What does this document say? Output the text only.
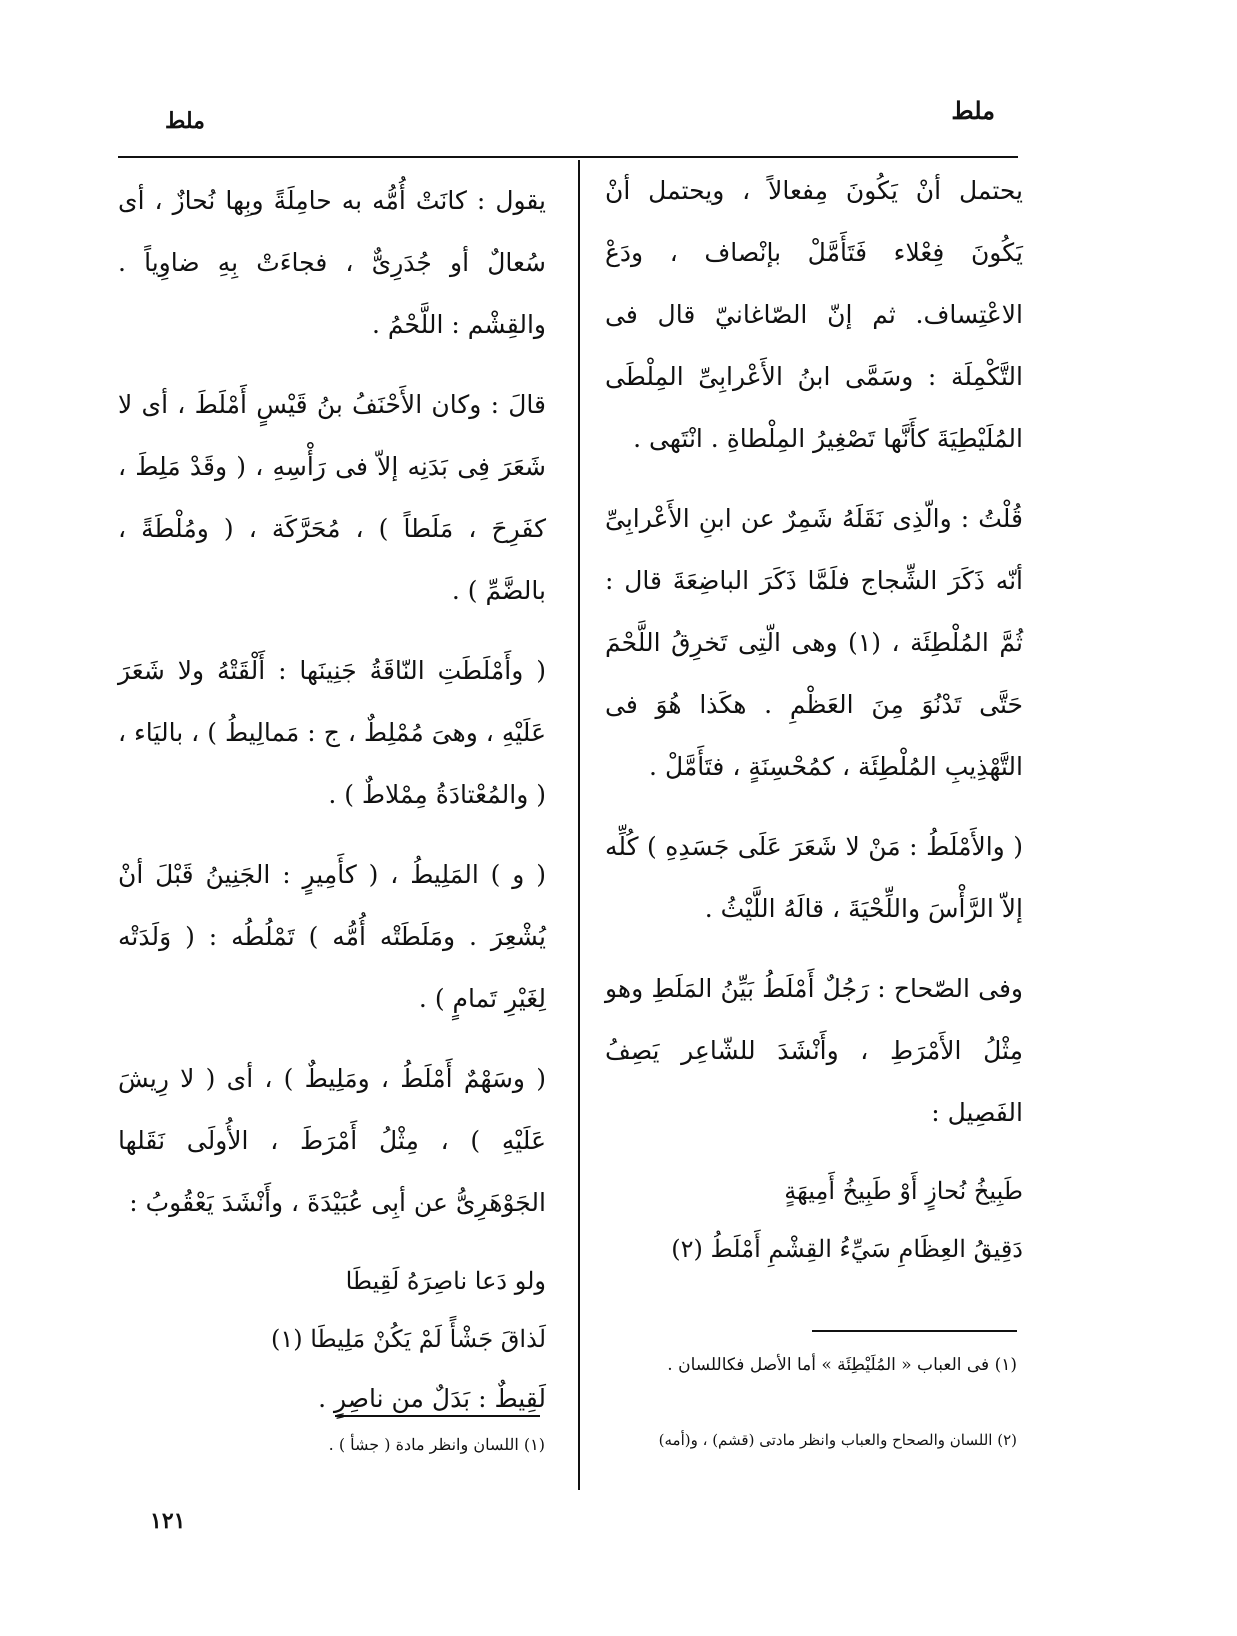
ملط
ملط

يحتمل أنْ يَكُونَ مِفعالاً ، ويحتمل أنْ يَكُونَ فِعْلاء فَتَأَمَّلْ بإنْصاف ، ودَعْ الاعْتِساف. ثم إنّ الصّاغانيّ قال فى التَّكْمِلَة : وسَمَّى ابنُ الأَعْرابِىِّ المِلْطَى المُلَيْطِيَةَ كأَنَّها تَصْغِيرُ المِلْطاةِ . انْتَهى .

قُلْتُ : والّذِى نَقَلَهُ شَمِرٌ عن ابنِ الأَعْرابِىِّ أنّه ذَكَرَ الشِّجاج فلَمَّا ذَكَرَ الباضِعَةَ قال : ثُمَّ المُلْطِئَة ، (١) وهى الّتِى تَخرِقُ اللَّحْمَ حَتَّى تَدْنُوَ مِنَ العَظْمِ . هكَذا هُوَ فى التَّهْذِيبِ المُلْطِئَة ، كمُحْسِنَةٍ ، فتَأَمَّلْ .

( والأَمْلَطُ : مَنْ لا شَعَرَ عَلَى جَسَدِهِ ) كُلِّه إلاّ الرَّأْسَ واللِّحْيَةَ ، قالَهُ اللَّيْثُ .

وفى الصّحاح : رَجُلٌ أَمْلَطُ بَيِّنُ المَلَطِ وهو مِثْلُ الأَمْرَطِ ، وأَنْشَدَ للشّاعِر يَصِفُ الفَصِيل :

طَبِيخُ نُحازٍ أَوْ طَبِيخُ أَمِيهَةٍ
دَقِيقُ العِظَامِ سَيِّءُ القِشْمِ أَمْلَطُ (٢)
(١) فى العباب « المُلَيْطِئَة » أما الأصل فكاللسان .
(٢) اللسان والصحاح والعباب وانظر مادتى (قشم) ، و(أمه)

يقول : كانَتْ أُمُّه به حامِلَةً وبِها نُحازٌ ، أى سُعالٌ أو جُدَرِىٌّ ، فجاءَتْ بِهِ ضاوِياً . والقِشْم : اللَّحْمُ .

قالَ : وكان الأَحْنَفُ بنُ قَيْسٍ أَمْلَطَ ، أى لا شَعَرَ فِى بَدَنِه إلاّ فى رَأْسِهِ ، ( وقَدْ مَلِطَ ، كفَرِحَ ، مَلَطاً ) ، مُحَرَّكَة ، ( ومُلْطَةً ، بالضَّمِّ ) .

( وأَمْلَطَتِ النّاقَةُ جَنِينَها : أَلْقَتْهُ ولا شَعَرَ عَلَيْهِ ، وهىَ مُمْلِطٌ ، ج : مَمالِيطُ ) ، باليَاء ، ( والمُعْتادَةُ مِمْلاطٌ ) .

( و ) المَلِيطُ ، ( كأَمِيرٍ : الجَنِينُ قَبْلَ أنْ يُشْعِرَ . ومَلَطَتْه أُمُّه ) تَمْلُطُه : ( وَلَدَتْه لِغَيْرِ تَمامٍ ) .

( وسَهْمٌ أَمْلَطُ ، ومَلِيطٌ ) ، أى ( لا رِيشَ عَلَيْهِ ) ، مِثْلُ أَمْرَطَ ، الأُولَى نَقَلها الجَوْهَرِىُّ عن أبِى عُبَيْدَةَ ، وأَنْشَدَ يَعْقُوبُ :

ولو دَعا ناصِرَهُ لَقِيطَا
لَذاقَ جَشْأً لَمْ يَكُنْ مَلِيطَا (١)

لَقِيطٌ : بَدَلٌ من ناصِرٍ .

(١) اللسان وانظر مادة ( جشأ ) .
١٢١
